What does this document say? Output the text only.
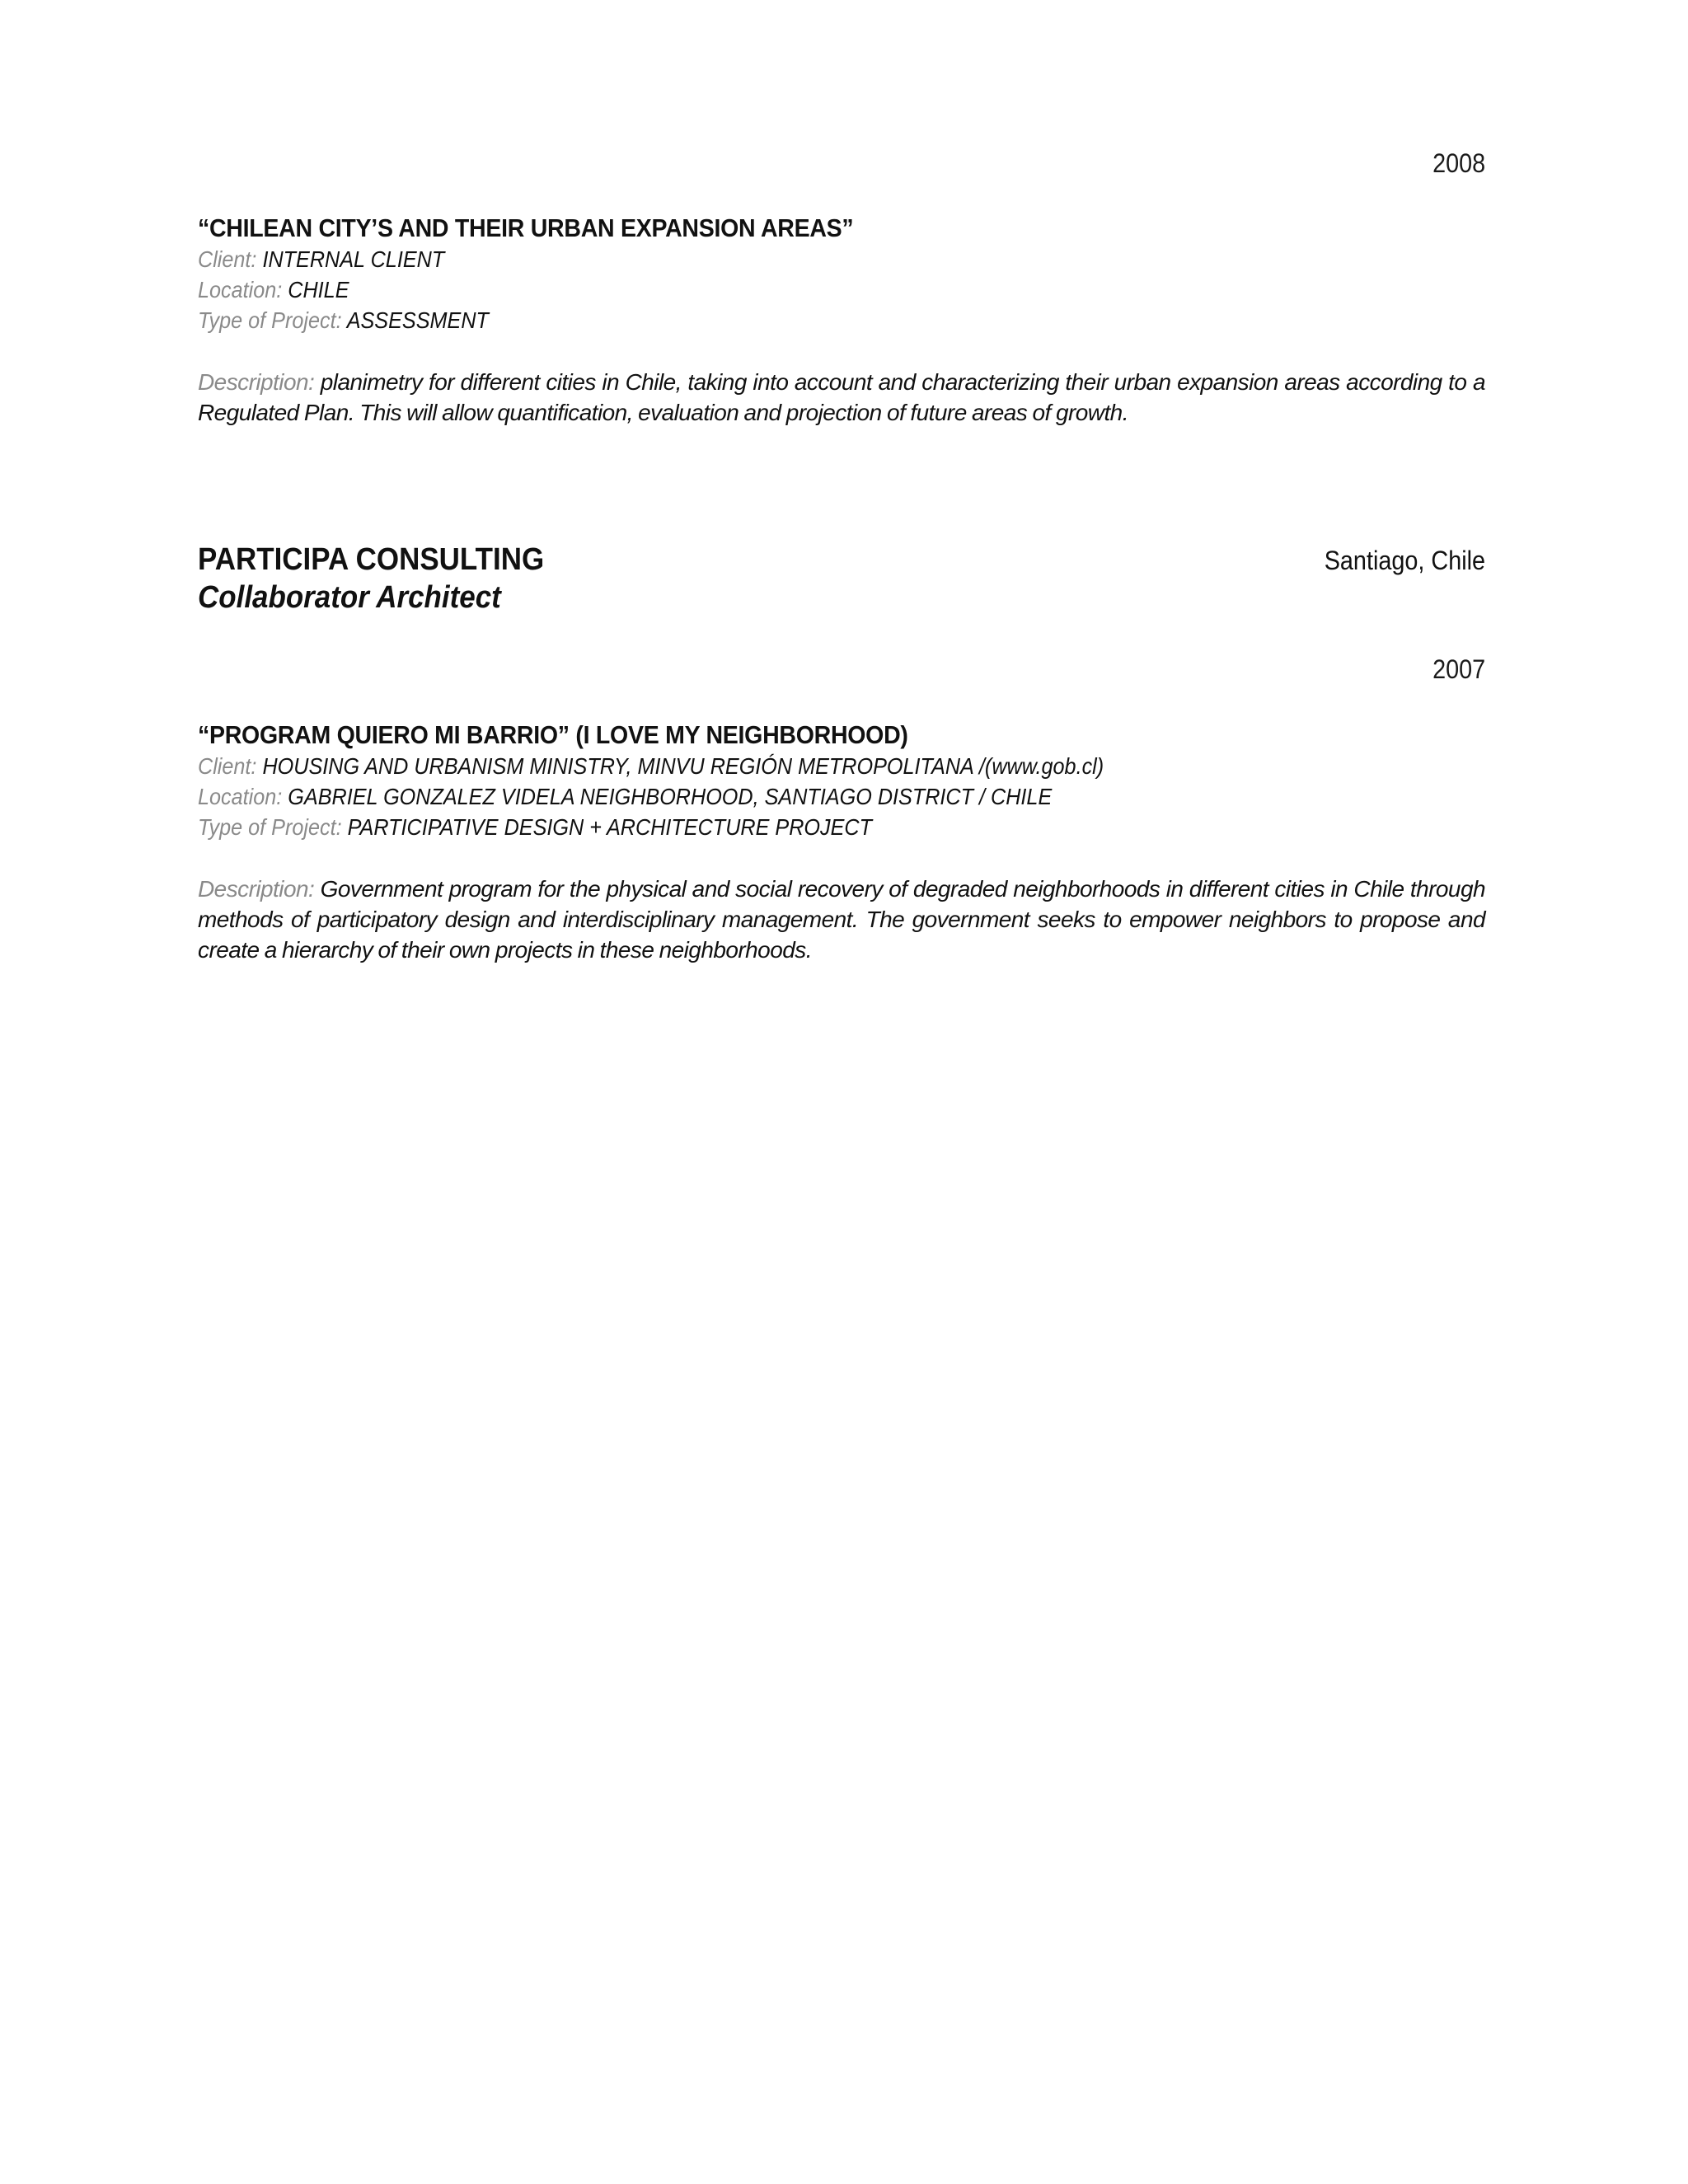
2008
“CHILEAN CITY’S AND THEIR URBAN EXPANSION AREAS”
Client: INTERNAL CLIENT
Location: CHILE
Type of Project: ASSESSMENT
Description: planimetry for different cities in Chile, taking into account and characterizing their urban expansion areas according to a Regulated Plan. This will allow quantification, evaluation and projection of future areas of growth.
PARTICIPA CONSULTING
Collaborator Architect
Santiago, Chile
2007
“PROGRAM QUIERO MI BARRIO” (I LOVE MY NEIGHBORHOOD)
Client: HOUSING AND URBANISM MINISTRY, MINVU REGIÓN METROPOLITANA /(www.gob.cl)
Location: GABRIEL GONZALEZ VIDELA NEIGHBORHOOD, SANTIAGO DISTRICT / CHILE
Type of Project: PARTICIPATIVE DESIGN + ARCHITECTURE PROJECT
Description: Government program for the physical and social recovery of degraded neighborhoods in different cities in Chile through methods of participatory design and interdisciplinary management. The government seeks to empower neighbors to propose and create a hierarchy of their own projects in these neighborhoods.
